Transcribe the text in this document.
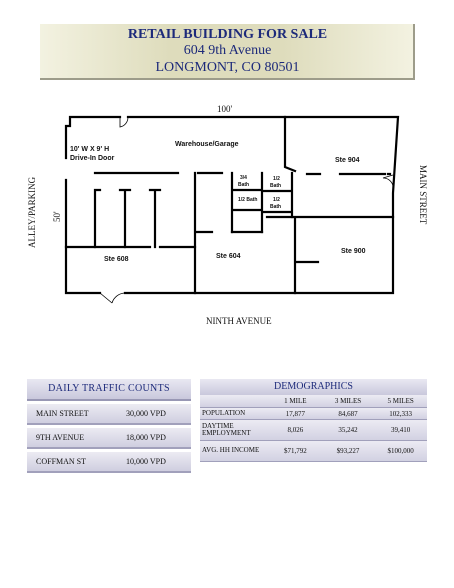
RETAIL BUILDING FOR SALE
604 9th Avenue
LONGMONT, CO 80501
100'
50'
10' W X 9' H
Drive-In Door
Warehouse/Garage
Ste 904
Ste 900
Ste 604
Ste 608
3/4
Bath
1/2
Bath
1/2 Bath	1/2
Bath
ALLEY/PARKING	MAIN STREET
NINTH AVENUE
DAILY TRAFFIC COUNTS
MAIN STREET	30,000 VPD
9TH AVENUE	18,000 VPD
COFFMAN ST	10,000 VPD
DEMOGRAPHICS
1 MILE	3 MILES	5 MILES
POPULATION	17,877	84,687	102,333
DAYTIME EMPLOYMENT	8,026	35,242	39,410
AVG. HH INCOME	$71,792	$93,227	$100,000
